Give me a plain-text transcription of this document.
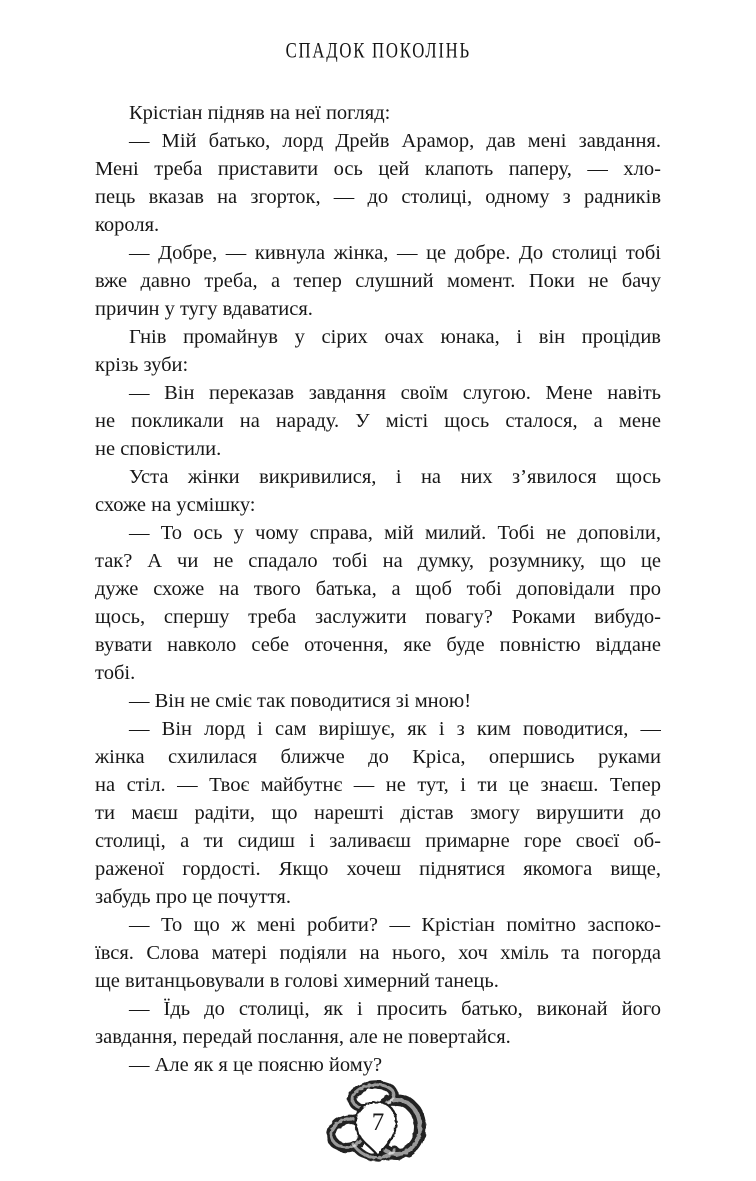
СПАДОК ПОКОЛІНЬ
Крістіан підняв на неї погляд:
— Мій батько, лорд Дрейв Арамор, дав мені завдання.
Мені треба приставити ось цей клапоть паперу, — хло-
пець вказав на згорток, — до столиці, одному з радників
короля.
— Добре, — кивнула жінка, — це добре. До столиці тобі
вже давно треба, а тепер слушний момент. Поки не бачу
причин у тугу вдаватися.
Гнів промайнув у сірих очах юнака, і він процідив
крізь зуби:
— Він переказав завдання своїм слугою. Мене навіть
не покликали на нараду. У місті щось сталося, а мене
не сповістили.
Уста жінки викривилися, і на них з’явилося щось
схоже на усмішку:
— То ось у чому справа, мій милий. Тобі не доповіли,
так? А чи не спадало тобі на думку, розумнику, що це
дуже схоже на твого батька, а щоб тобі доповідали про
щось, спершу треба заслужити повагу? Роками вибудо-
вувати навколо себе оточення, яке буде повністю віддане
тобі.
— Він не сміє так поводитися зі мною!
— Він лорд і сам вирішує, як і з ким поводитися, —
жінка схилилася ближче до Кріса, опершись руками
на стіл. — Твоє майбутнє — не тут, і ти це знаєш. Тепер
ти маєш радіти, що нарешті дістав змогу вирушити до
столиці, а ти сидиш і заливаєш примарне горе своєї об-
раженої гордості. Якщо хочеш піднятися якомога вище,
забудь про це почуття.
— То що ж мені робити? — Крістіан помітно заспоко-
ївся. Слова матері подіяли на нього, хоч хміль та погорда
ще витанцьовували в голові химерний танець.
— Їдь до столиці, як і просить батько, виконай його
завдання, передай послання, але не повертайся.
— Але як я це поясню йому?
7
